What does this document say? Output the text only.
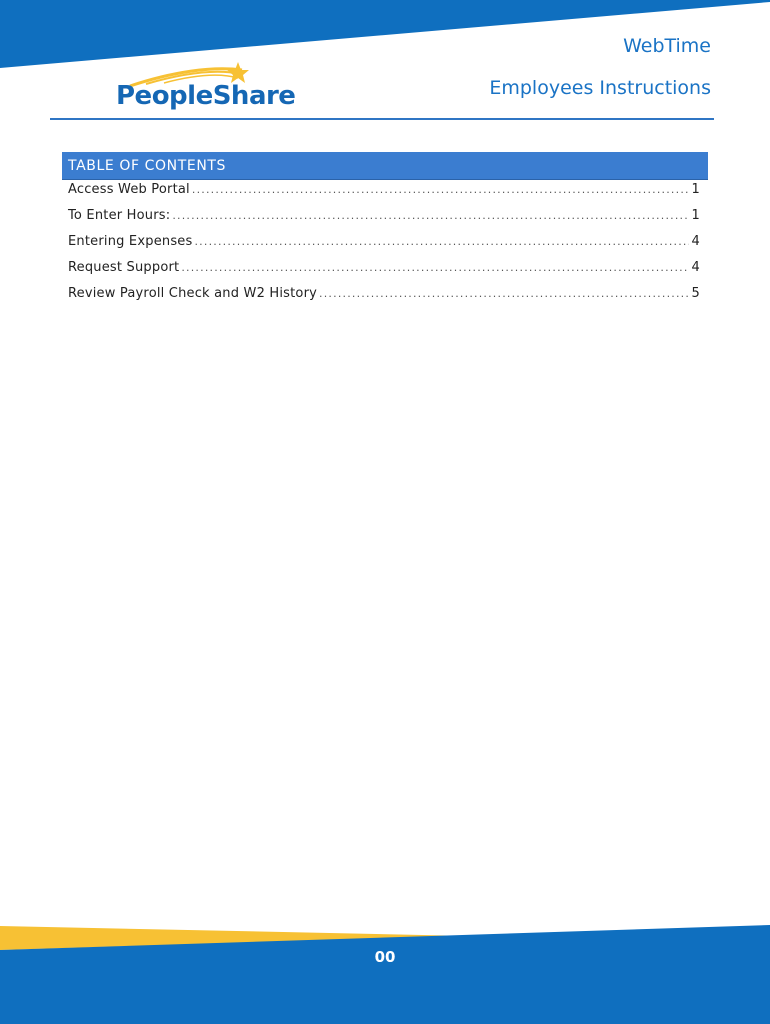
PeopleShare
WebTime
Employees Instructions
TABLE OF CONTENTS
Access Web Portal .....	1
To Enter Hours: .....	1
Entering Expenses .....	4
Request Support .....	4
Review Payroll Check and W2 History .....	5
00
